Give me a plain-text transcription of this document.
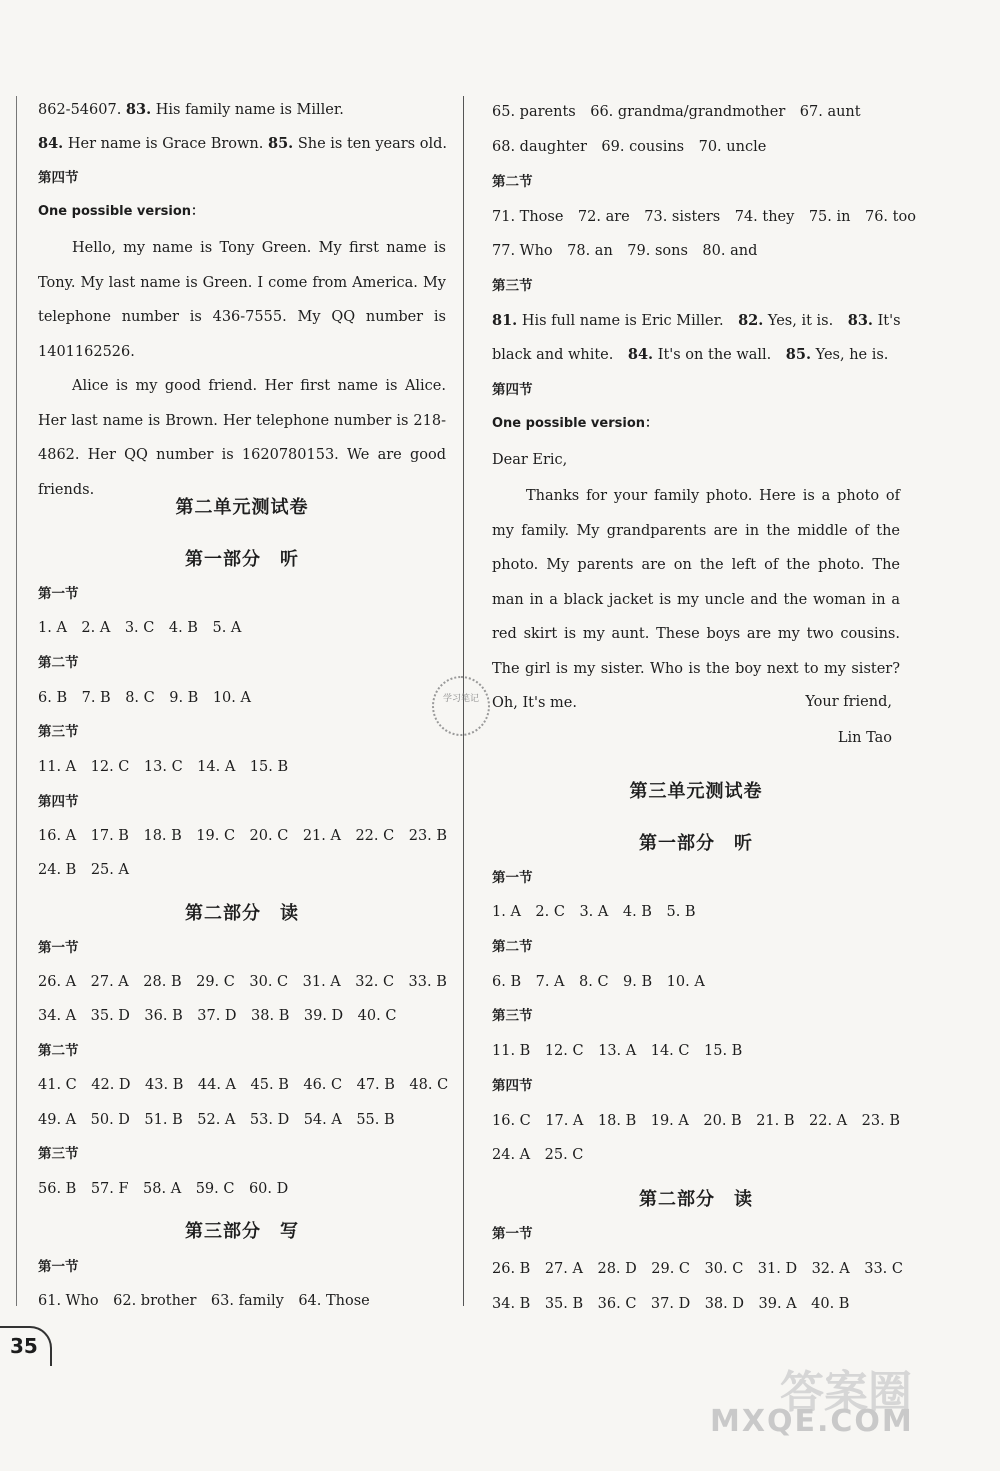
862-54607. 83. His family name is Miller.
84. Her name is Grace Brown. 85. She is ten years old.
第四节
One possible version：
Hello, my name is Tony Green. My first name is Tony. My last name is Green. I come from America. My telephone number is 436-7555. My QQ number is 1401162526.
Alice is my good friend. Her first name is Alice. Her last name is Brown. Her telephone number is 218-4862. Her QQ number is 1620780153. We are good friends.
第二单元测试卷
第一部分　听
第一节
1. A　2. A　3. C　4. B　5. A
第二节
6. B　7. B　8. C　9. B　10. A
第三节
11. A　12. C　13. C　14. A　15. B
第四节
16. A　17. B　18. B　19. C　20. C　21. A　22. C　23. B
24. B　25. A
第二部分　读
第一节
26. A　27. A　28. B　29. C　30. C　31. A　32. C　33. B
34. A　35. D　36. B　37. D　38. B　39. D　40. C
第二节
41. C　42. D　43. B　44. A　45. B　46. C　47. B　48. C
49. A　50. D　51. B　52. A　53. D　54. A　55. B
第三节
56. B　57. F　58. A　59. C　60. D
第三部分　写
第一节
61. Who　62. brother　63. family　64. Those
65. parents　66. grandma/grandmother　67. aunt
68. daughter　69. cousins　70. uncle
第二节
71. Those　72. are　73. sisters　74. they　75. in　76. too
77. Who　78. an　79. sons　80. and
第三节
81. His full name is Eric Miller.　 82. Yes, it is.　 83. It's
black and white.　 84. It's on the wall.　 85. Yes, he is.
第四节
One possible version：
Dear Eric,
Thanks for your family photo. Here is a photo of my family. My grandparents are in the middle of the photo. My parents are on the left of the photo. The man in a black jacket is my uncle and the woman in a red skirt is my aunt. These boys are my two cousins. The girl is my sister. Who is the boy next to my sister? Oh, It's me.	Your friend,
Lin Tao
第三单元测试卷
第一部分　听
第一节
1. A　2. C　3. A　4. B　5. B
第二节
6. B　7. A　8. C　9. B　10. A
第三节
11. B　12. C　13. A　14. C　15. B
第四节
16. C　17. A　18. B　19. A　20. B　21. B　22. A　23. B
24. A　25. C
第二部分　读
第一节
26. B　27. A　28. D　29. C　30. C　31. D　32. A　33. C
34. B　35. B　36. C　37. D　38. D　39. A　40. B
学习笔记
35
答案圈
MXQE.COM
